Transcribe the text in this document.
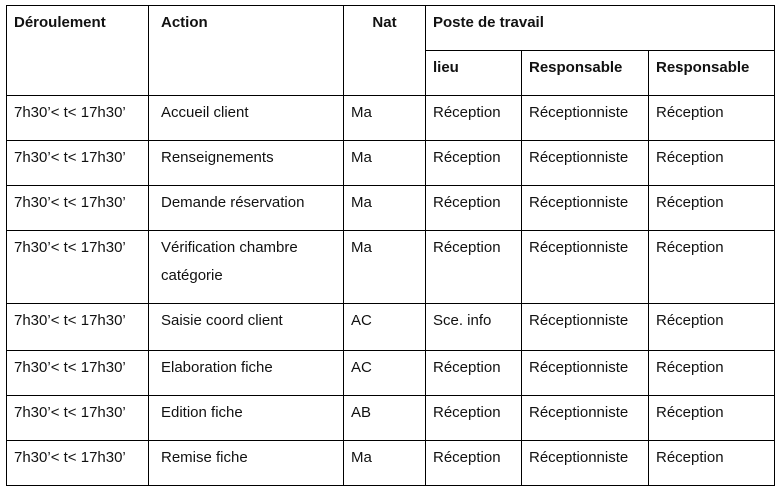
Déroulement	Action	Nat	Poste de travail		
			lieu	Responsable	Responsable
7h30’< t< 17h30’	Accueil client	Ma	Réception	Réceptionniste	Réception
7h30’< t< 17h30’	Renseignements	Ma	Réception	Réceptionniste	Réception
7h30’< t< 17h30’	Demande réservation	Ma	Réception	Réceptionniste	Réception
7h30’< t< 17h30’	Vérification chambre catégorie	Ma	Réception	Réceptionniste	Réception
7h30’< t< 17h30’	Saisie coord client	AC	Sce. info	Réceptionniste	Réception
7h30’< t< 17h30’	Elaboration fiche	AC	Réception	Réceptionniste	Réception
7h30’< t< 17h30’	Edition fiche	AB	Réception	Réceptionniste	Réception
7h30’< t< 17h30’	Remise fiche	Ma	Réception	Réceptionniste	Réception
